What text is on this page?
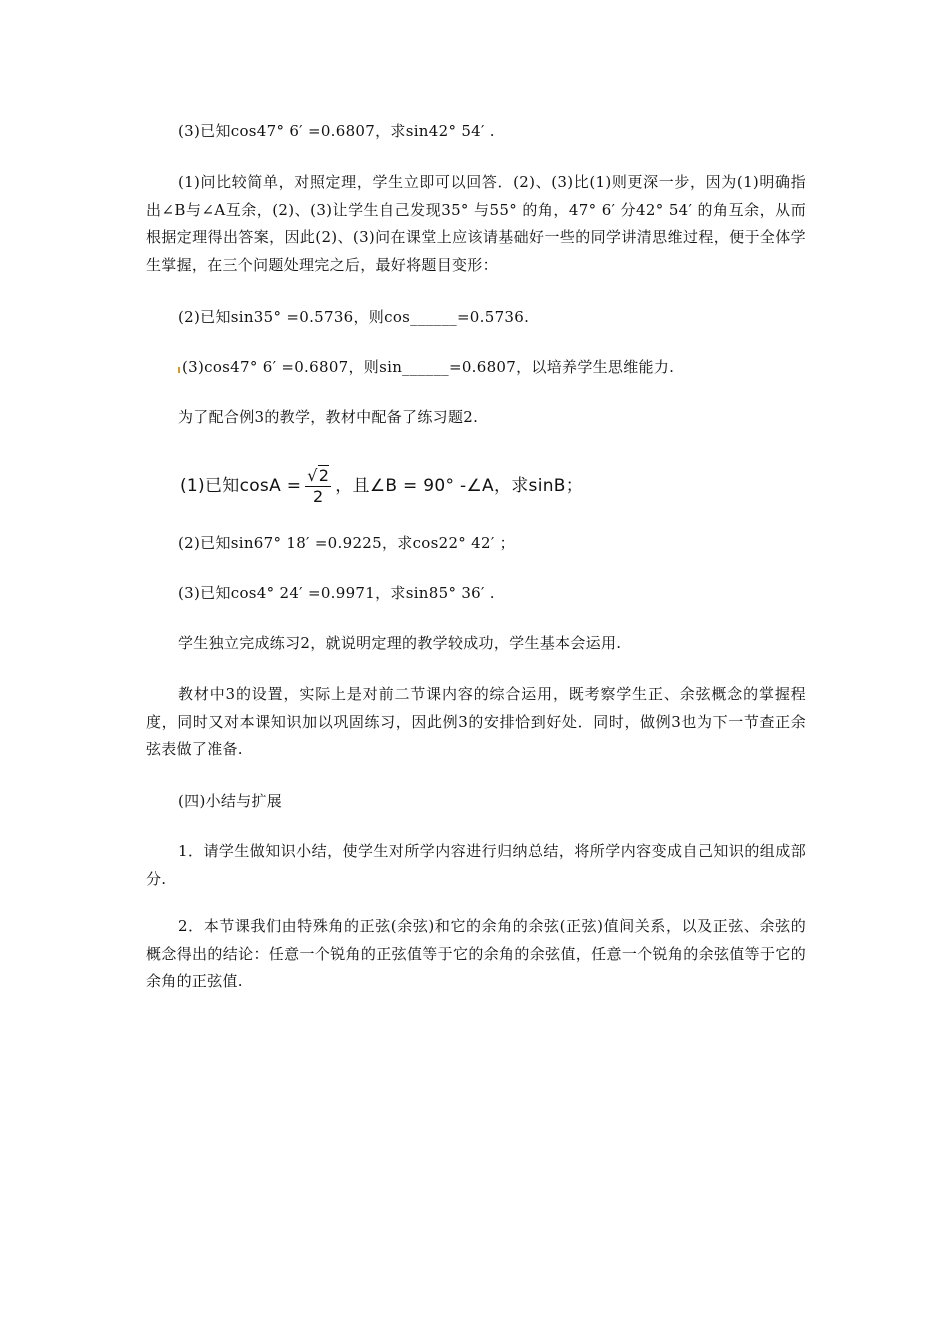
(3)已知cos47° 6′ =0.6807，求sin42° 54′ .
(1)问比较简单，对照定理，学生立即可以回答．(2)、(3)比(1)则更深一步，因为(1)明确指出∠B与∠A互余，(2)、(3)让学生自己发现35° 与55° 的角，47° 6′ 分42° 54′ 的角互余，从而根据定理得出答案，因此(2)、(3)问在课堂上应该请基础好一些的同学讲清思维过程，便于全体学生掌握，在三个问题处理完之后，最好将题目变形：
(2)已知sin35° =0.5736，则cos______=0.5736.
(3)cos47° 6′ =0.6807，则sin______=0.6807，以培养学生思维能力.
为了配合例3的教学，教材中配备了练习题2.
(1)已知$\cos A = \frac{√2}{2}$ ，且∠B = 90° -∠A，求sinB；
(2)已知sin67° 18′ =0.9225，求cos22° 42′ ；
(3)已知cos4° 24′ =0.9971，求sin85° 36′ .
学生独立完成练习2，就说明定理的教学较成功，学生基本会运用.
教材中3的设置，实际上是对前二节课内容的综合运用，既考察学生正、余弦概念的掌握程度，同时又对本课知识加以巩固练习，因此例3的安排恰到好处．同时，做例3也为下一节查正余弦表做了准备.
(四)小结与扩展
1．请学生做知识小结，使学生对所学内容进行归纳总结，将所学内容变成自己知识的组成部分.
2．本节课我们由特殊角的正弦(余弦)和它的余角的余弦(正弦)值间关系，以及正弦、余弦的概念得出的结论：任意一个锐角的正弦值等于它的余角的余弦值，任意一个锐角的余弦值等于它的余角的正弦值.
